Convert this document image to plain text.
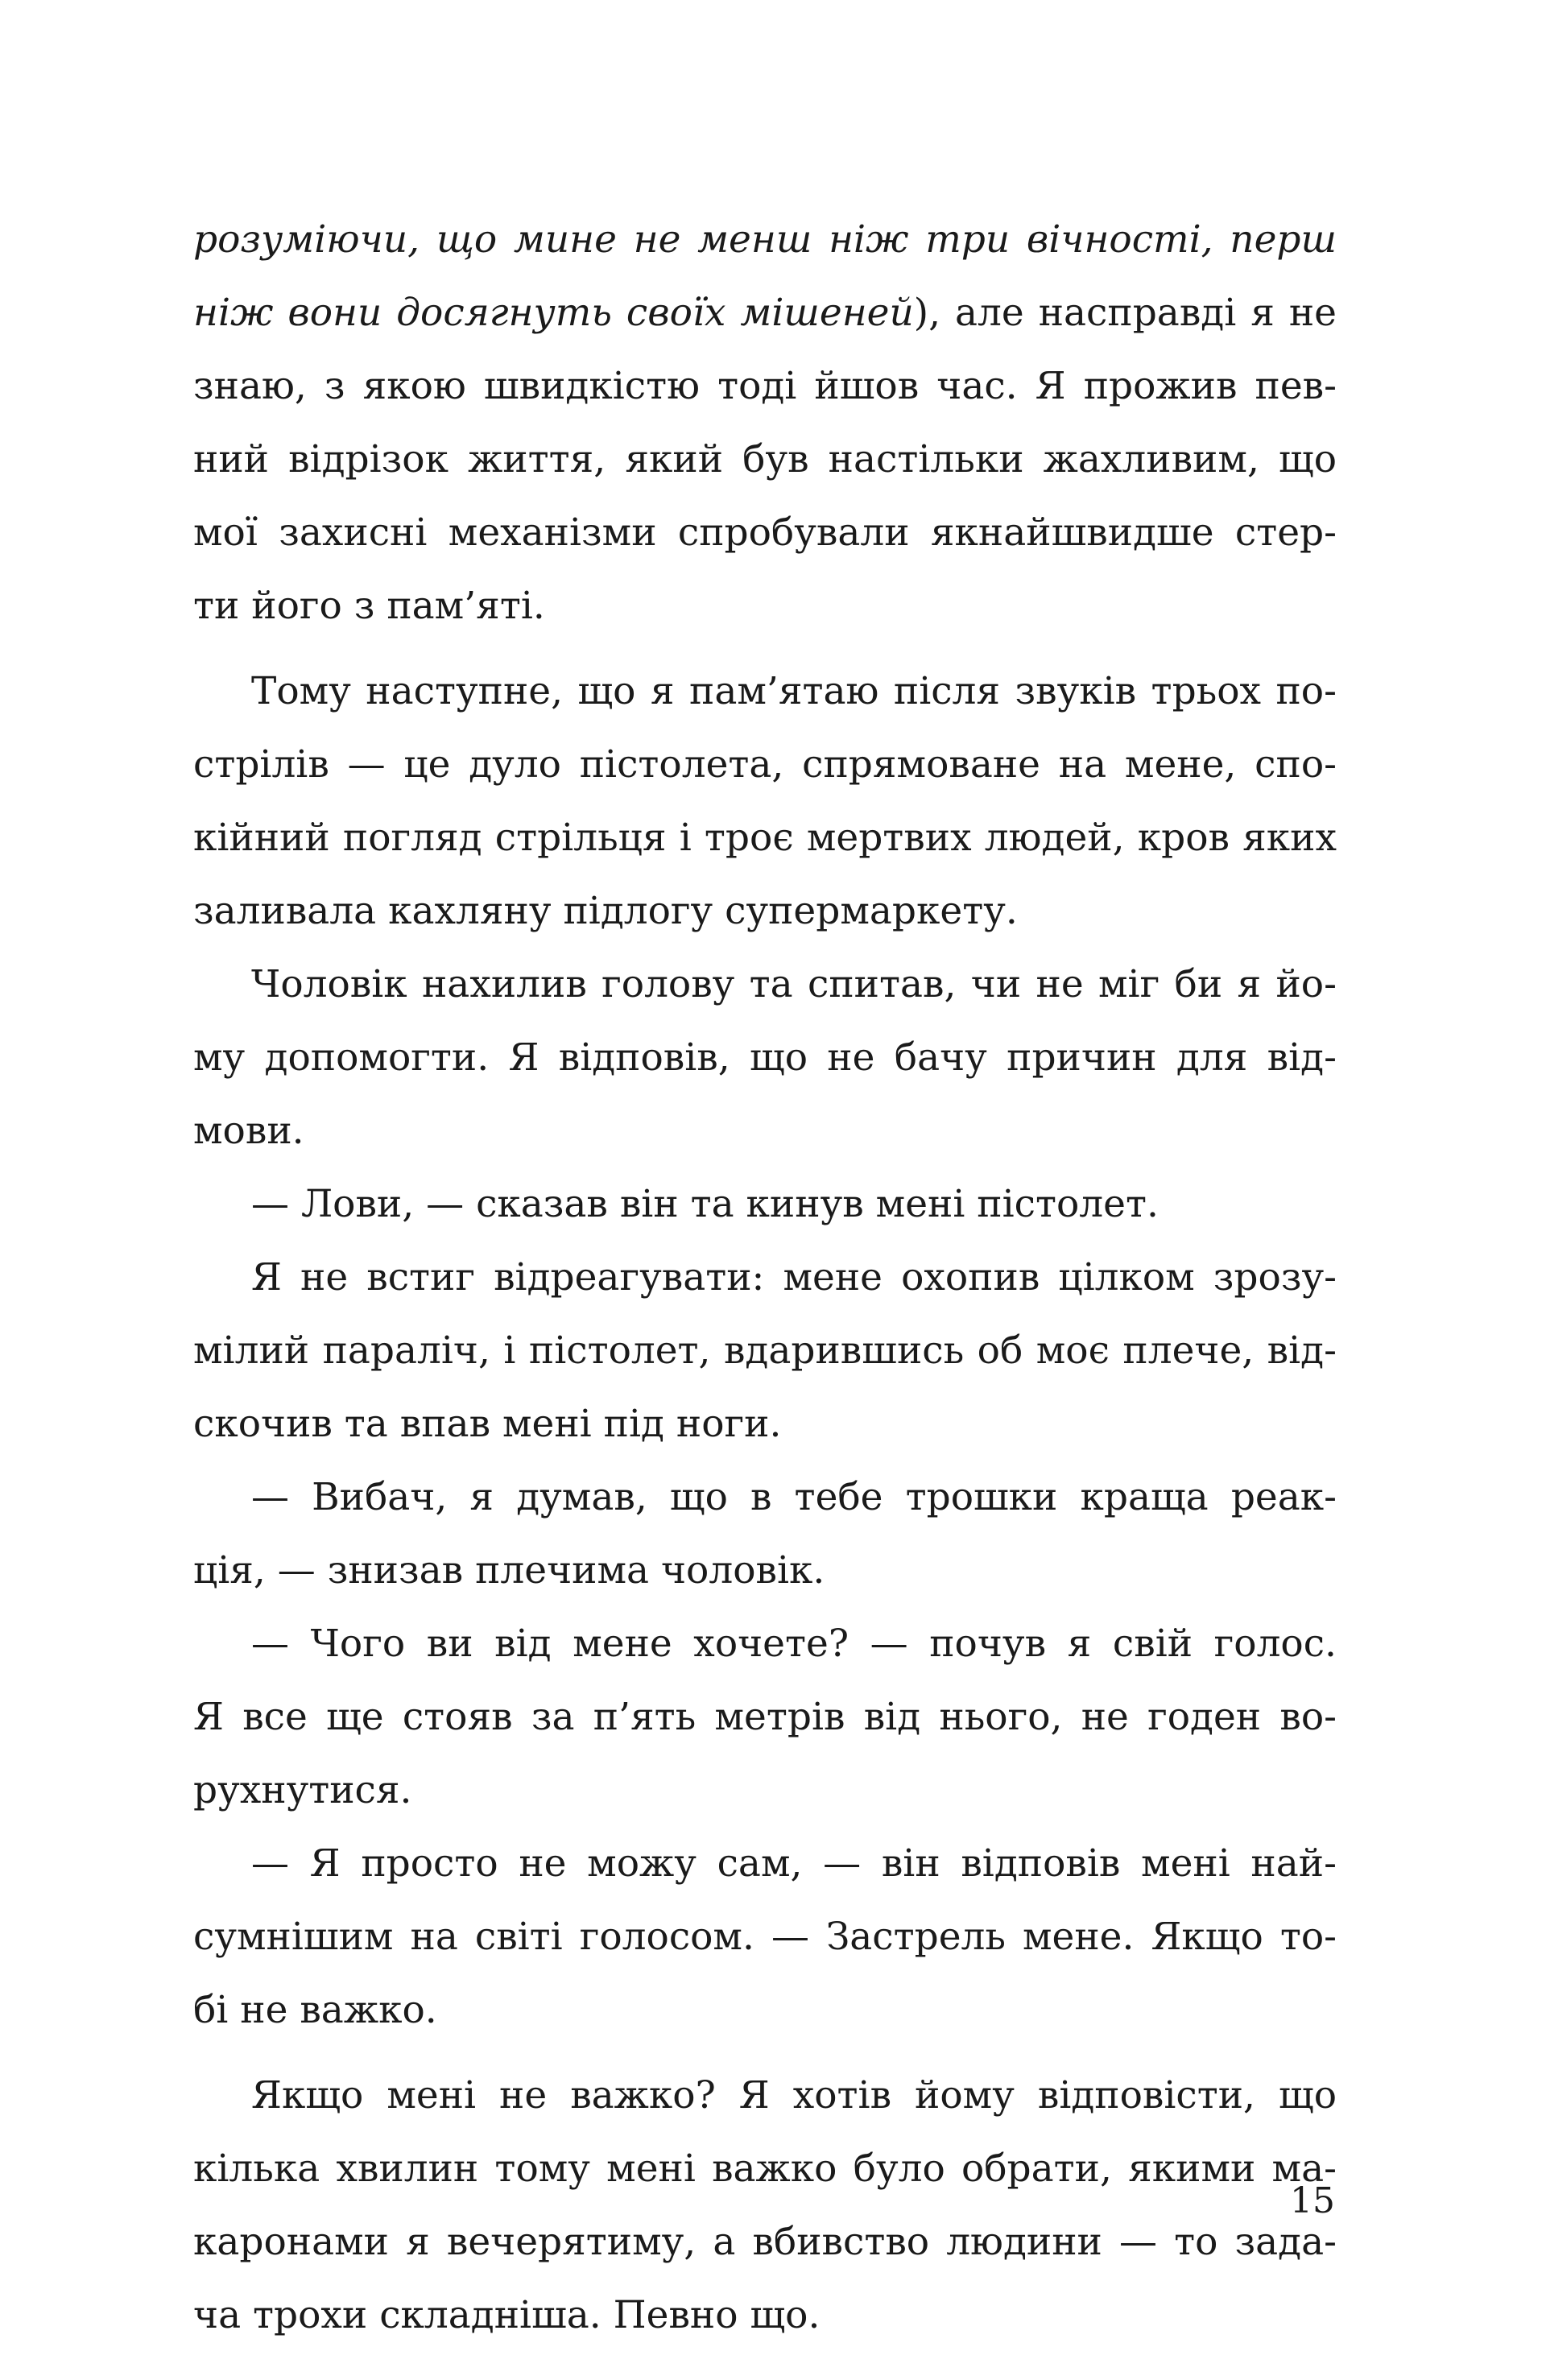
розуміючи, що мине не менш ніж три вічності, перш
ніж вони досягнуть своїх мішеней), але насправді я не
знаю, з якою швидкістю тоді йшов час. Я прожив пев-
ний відрізок життя, який був настільки жахливим, що
мої захисні механізми спробували якнайшвидше стер-
ти його з пам’яті.
Тому наступне, що я пам’ятаю після звуків трьох по-
стрілів — це дуло пістолета, спрямоване на мене, спо-
кійний погляд стрільця і троє мертвих людей, кров яких
заливала кахляну підлогу супермаркету.
Чоловік нахилив голову та спитав, чи не міг би я йо-
му допомогти. Я відповів, що не бачу причин для від-
мови.
— Лови, — сказав він та кинув мені пістолет.
Я не встиг відреагувати: мене охопив цілком зрозу-
мілий параліч, і пістолет, вдарившись об моє плече, від-
скочив та впав мені під ноги.
— Вибач, я думав, що в тебе трошки краща реак-
ція, — знизав плечима чоловік.
— Чого ви від мене хочете? — почув я свій голос.
Я все ще стояв за п’ять метрів від нього, не годен во-
рухнутися.
— Я просто не можу сам, — він відповів мені най-
сумнішим на світі голосом. — Застрель мене. Якщо то-
бі не важко.
Якщо мені не важко? Я хотів йому відповісти, що
кілька хвилин тому мені важко було обрати, якими ма-
каронами я вечерятиму, а вбивство людини — то зада-
ча трохи складніша. Певно що.
15
